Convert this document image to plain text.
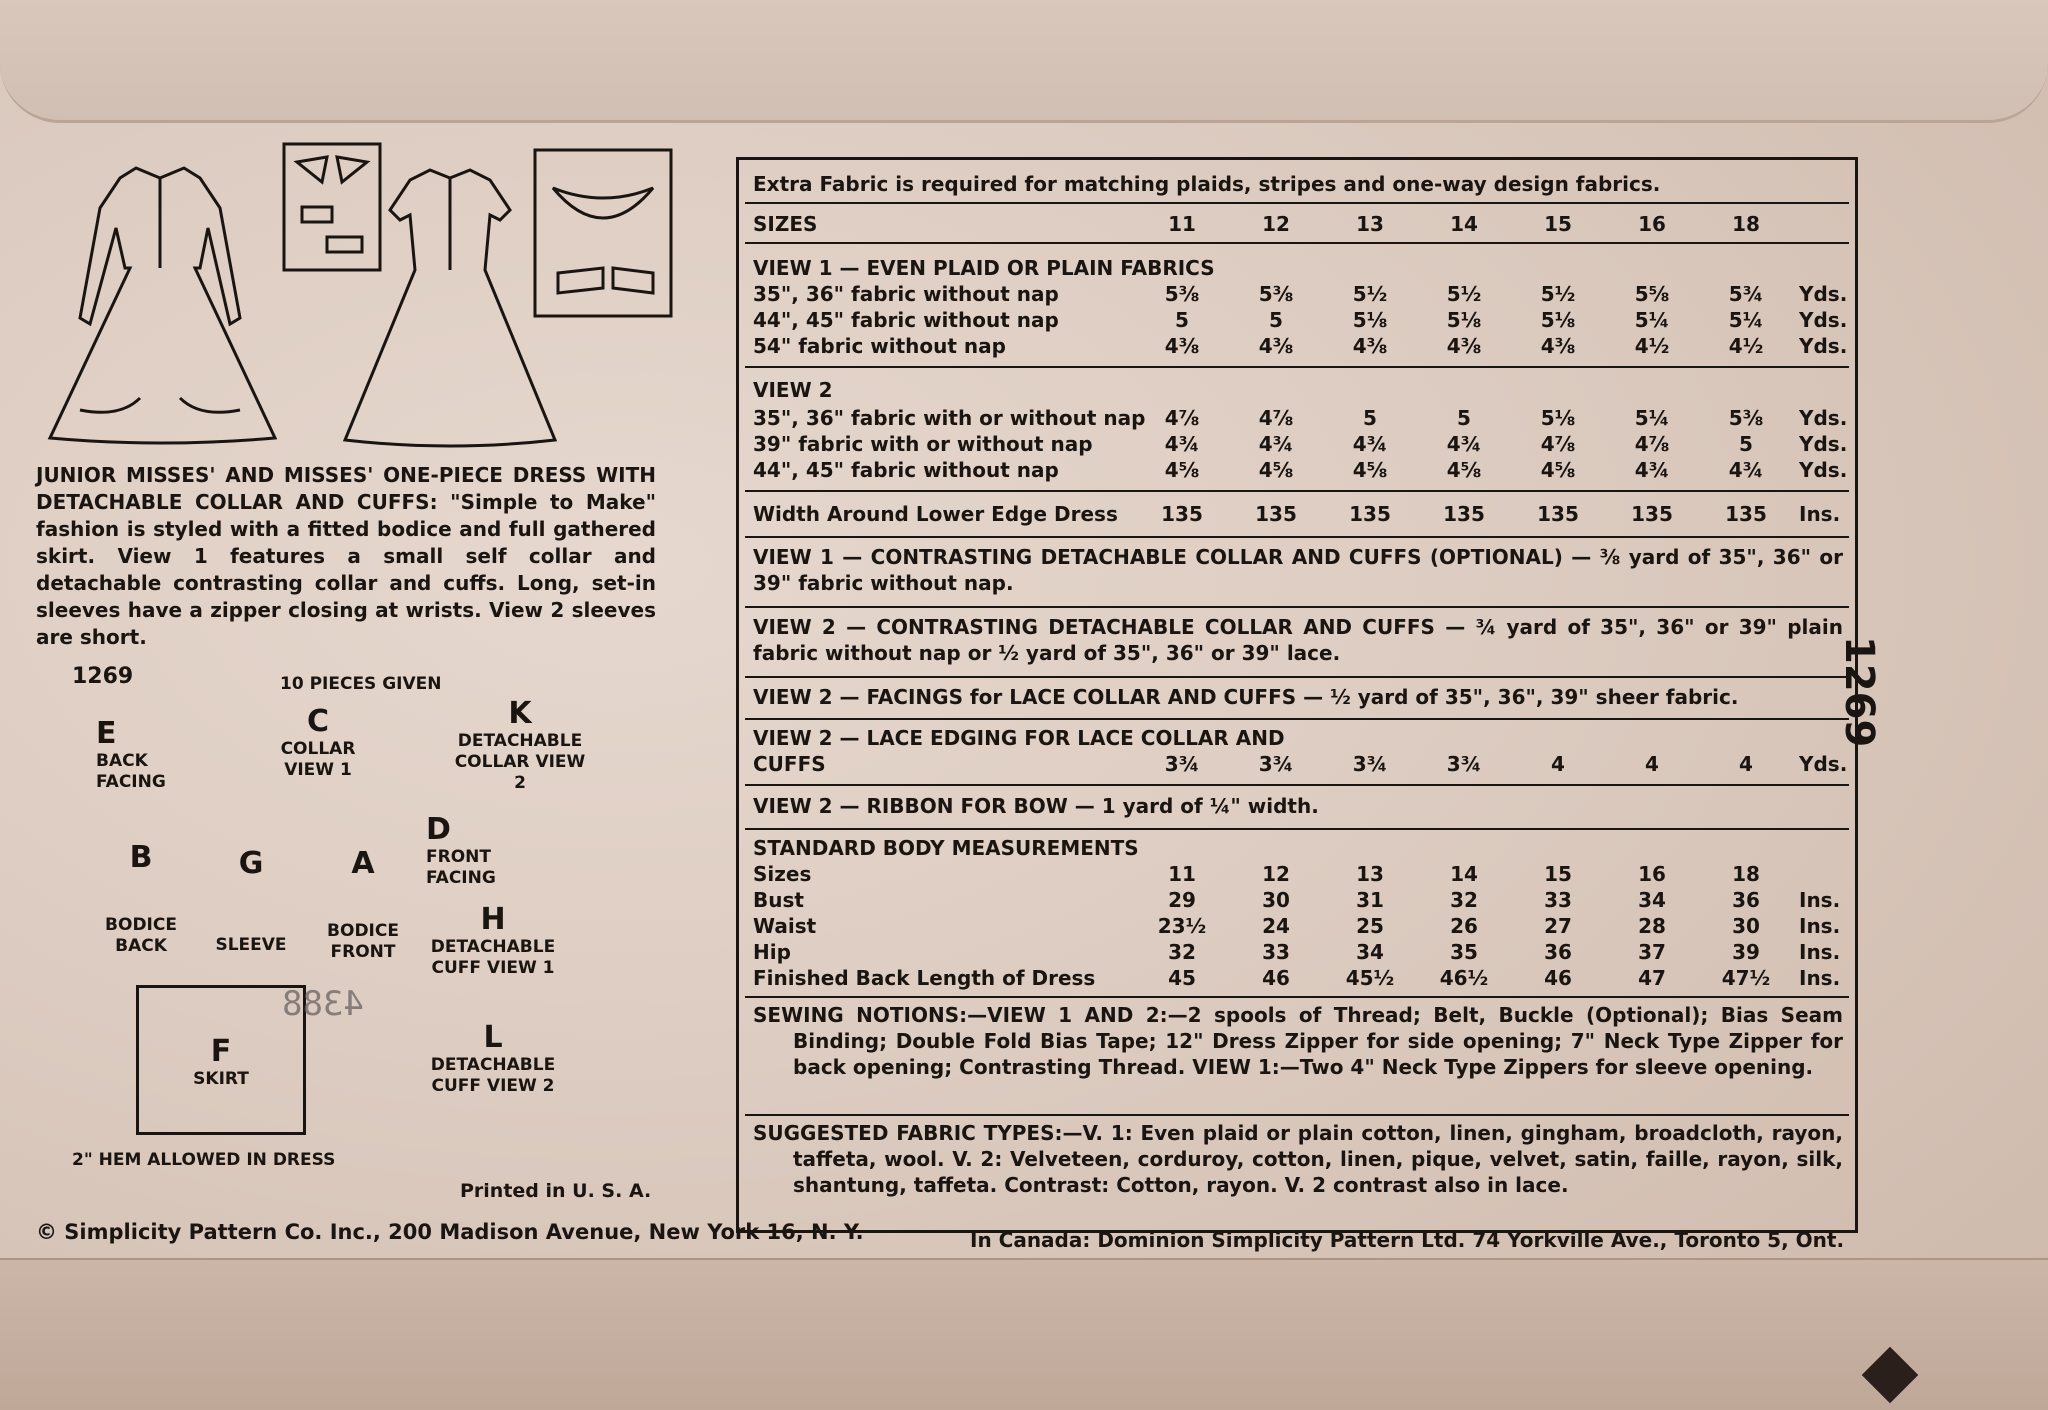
JUNIOR MISSES' AND MISSES' ONE-PIECE DRESS WITH DETACHABLE COLLAR AND CUFFS: "Simple to Make" fashion is styled with a fitted bodice and full gathered skirt. View 1 features a small self collar and detachable contrasting collar and cuffs. Long, set-in sleeves have a zipper closing at wrists. View 2 sleeves are short.
1269	10 PIECES GIVEN
E
BACK FACING
C
COLLAR VIEW 1
K
DETACHABLE COLLAR VIEW 2
B
BODICE BACK
G
SLEEVE
A
BODICE FRONT
D
FRONT FACING
H
DETACHABLE CUFF VIEW 1
F
SKIRT
L
DETACHABLE CUFF VIEW 2
4388
2" HEM ALLOWED IN DRESS
Printed in U. S. A.
© Simplicity Pattern Co. Inc., 200 Madison Avenue, New York 16, N. Y.	In Canada: Dominion Simplicity Pattern Ltd. 74 Yorkville Ave., Toronto 5, Ont.
1269
Extra Fabric is required for matching plaids, stripes and one-way design fabrics.
SIZES	11	12	13	14	15	16	18
VIEW 1 — EVEN PLAID OR PLAIN FABRICS
35", 36" fabric without nap	5⅜	5⅜	5½	5½	5½	5⅝	5¾	Yds.
44", 45" fabric without nap	5	5	5⅛	5⅛	5⅛	5¼	5¼	Yds.
54" fabric without nap	4⅜	4⅜	4⅜	4⅜	4⅜	4½	4½	Yds.
VIEW 2
35", 36" fabric with or without nap 4⅞	4⅞	5	5	5⅛	5¼	5⅜	Yds.
39" fabric with or without nap	4¾	4¾	4¾	4¾	4⅞	4⅞	5	Yds.
44", 45" fabric without nap	4⅝	4⅝	4⅝	4⅝	4⅝	4¾	4¾	Yds.
Width Around Lower Edge Dress	135	135	135	135	135	135	135	Ins.
VIEW 1 — CONTRASTING DETACHABLE COLLAR AND CUFFS (OPTIONAL) — ⅜ yard of 35", 36" or 39" fabric without nap.
VIEW 2 — CONTRASTING DETACHABLE COLLAR AND CUFFS — ¾ yard of 35", 36" or 39" plain fabric without nap or ½ yard of 35", 36" or 39" lace.
VIEW 2 — FACINGS for LACE COLLAR AND CUFFS — ½ yard of 35", 36", 39" sheer fabric.
VIEW 2 — LACE EDGING FOR LACE COLLAR AND
CUFFS	3¾	3¾	3¾	3¾	4	4	4	Yds.
VIEW 2 — RIBBON FOR BOW — 1 yard of ¼" width.
STANDARD BODY MEASUREMENTS
Sizes	11	12	13	14	15	16	18
Bust	29	30	31	32	33	34	36	Ins.
Waist	23½	24	25	26	27	28	30	Ins.
Hip	32	33	34	35	36	37	39	Ins.
Finished Back Length of Dress	45	46	45½	46½	46	47	47½	Ins.
SEWING NOTIONS:—VIEW 1 AND 2:—2 spools of Thread; Belt, Buckle (Optional); Bias Seam Binding; Double Fold Bias Tape; 12" Dress Zipper for side opening; 7" Neck Type Zipper for back opening; Contrasting Thread. VIEW 1:—Two 4" Neck Type Zippers for sleeve opening.
SUGGESTED FABRIC TYPES:—V. 1: Even plaid or plain cotton, linen, gingham, broadcloth, rayon, taffeta, wool. V. 2: Velveteen, corduroy, cotton, linen, pique, velvet, satin, faille, rayon, silk, shantung, taffeta. Contrast: Cotton, rayon. V. 2 contrast also in lace.
